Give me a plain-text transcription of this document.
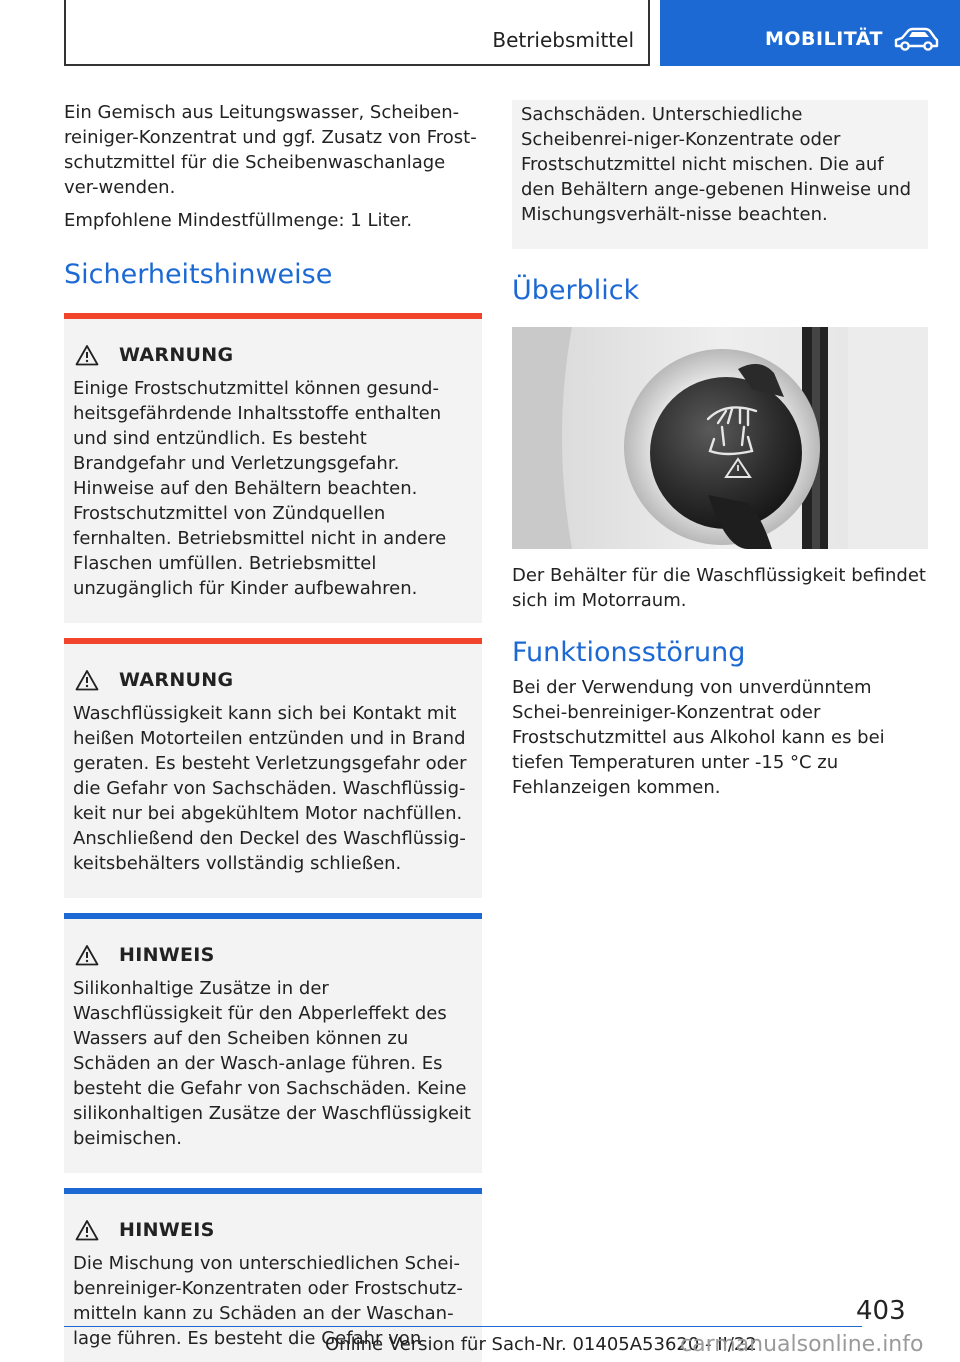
Betriebsmittel	MOBILITÄT

Ein Gemisch aus Leitungswasser, Scheiben-reiniger-Konzentrat und ggf. Zusatz von Frost-schutzmittel für die Scheibenwaschanlage ver-wenden.

Empfohlene Mindestfüllmenge: 1 Liter.

Sicherheitshinweise
WARNUNG

Einige Frostschutzmittel können gesund-heitsgefährdende Inhaltsstoffe enthalten und sind entzündlich. Es besteht Brandgefahr und Verletzungsgefahr. Hinweise auf den Behältern beachten. Frostschutzmittel von Zündquellen fernhalten. Betriebsmittel nicht in andere Flaschen umfüllen. Betriebsmittel unzugänglich für Kinder aufbewahren.

WARNUNG

Waschflüssigkeit kann sich bei Kontakt mit heißen Motorteilen entzünden und in Brand geraten. Es besteht Verletzungsgefahr oder die Gefahr von Sachschäden. Waschflüssig-keit nur bei abgekühltem Motor nachfüllen. Anschließend den Deckel des Waschflüssig-keitsbehälters vollständig schließen.

HINWEIS

Silikonhaltige Zusätze in der Waschflüssigkeit für den Abperleffekt des Wassers auf den Scheiben können zu Schäden an der Wasch-anlage führen. Es besteht die Gefahr von Sachschäden. Keine silikonhaltigen Zusätze der Waschflüssigkeit beimischen.

HINWEIS

Die Mischung von unterschiedlichen Schei-benreiniger-Konzentraten oder Frostschutz-mitteln kann zu Schäden an der Waschan-lage führen. Es besteht die Gefahr von

Sachschäden. Unterschiedliche Scheibenrei-niger-Konzentrate oder Frostschutzmittel nicht mischen. Die auf den Behältern ange-gebenen Hinweise und Mischungsverhält-nisse beachten.

Überblick

Der Behälter für die Waschflüssigkeit befindet sich im Motorraum.

Funktionsstörung

Bei der Verwendung von unverdünntem Schei-benreiniger-Konzentrat oder Frostschutzmittel aus Alkohol kann es bei tiefen Temperaturen unter -15 °C zu Fehlanzeigen kommen.

403
Online Version für Sach-Nr. 01405A53620 - II/22
carmanualsonline.info
